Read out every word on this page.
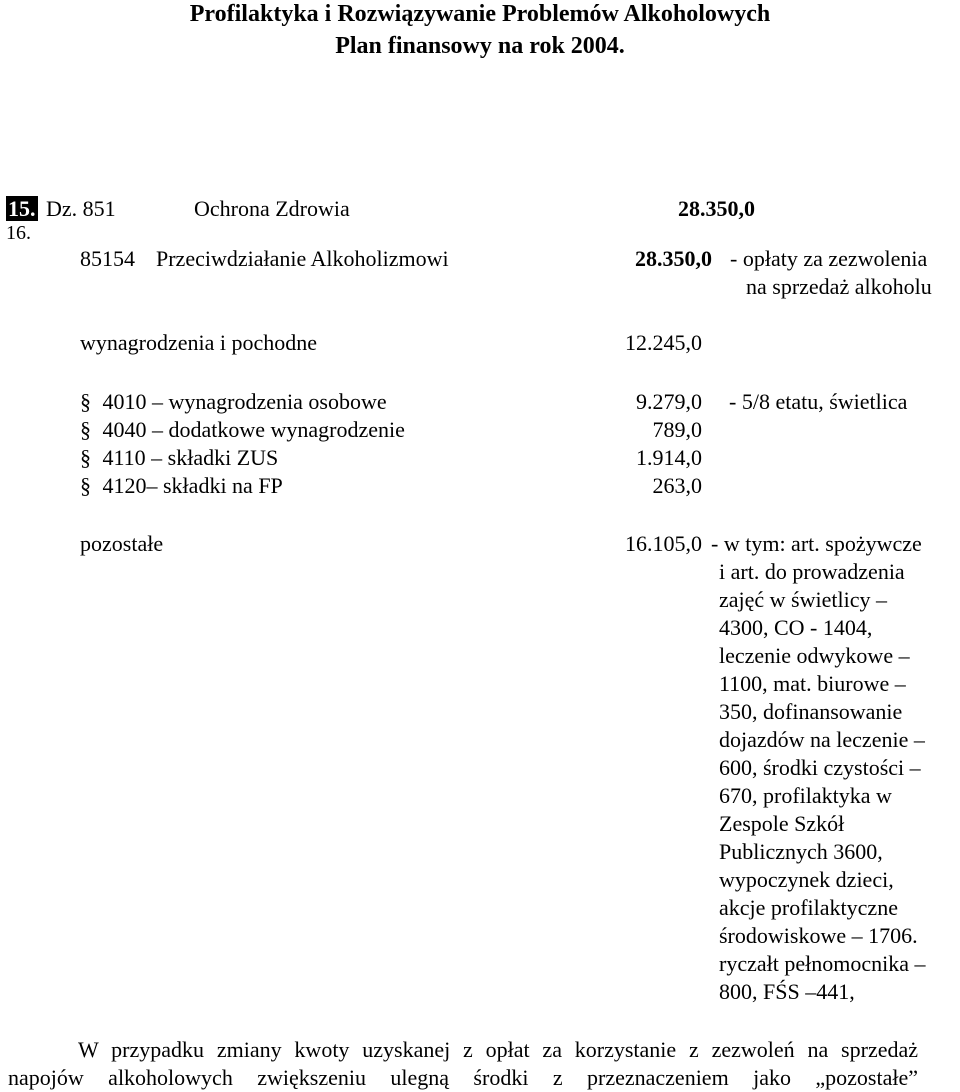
Profilaktyka i Rozwiązywanie Problemów Alkoholowych
Plan finansowy na rok 2004.
15.
16.
Dz. 851	Ochrona Zdrowia	28.350,0
85154 Przeciwdziałanie Alkoholizmowi	28.350,0 - opłaty za zezwolenia
na sprzedaż alkoholu
wynagrodzenia i pochodne	12.245,0
§ 4010 – wynagrodzenia osobowe	9.279,0 - 5/8 etatu, świetlica
§ 4040 – dodatkowe wynagrodzenie	789,0
§ 4110 – składki ZUS	1.914,0
§ 4120– składki na FP	263,0
pozostałe	16.105,0 - w tym: art. spożywcze
i art. do prowadzenia
zajęć w świetlicy –
4300, CO - 1404,
leczenie odwykowe –
1100, mat. biurowe –
350, dofinansowanie
dojazdów na leczenie –
600, środki czystości –
670, profilaktyka w
Zespole Szkół
Publicznych 3600,
wypoczynek dzieci,
akcje profilaktyczne
środowiskowe – 1706.
ryczałt pełnomocnika –
800, FŚS –441,
W przypadku zmiany kwoty uzyskanej z opłat za korzystanie z zezwoleń na sprzedaż
napojów alkoholowych zwiększeniu ulegną środki z przeznaczeniem jako „pozostałe”
